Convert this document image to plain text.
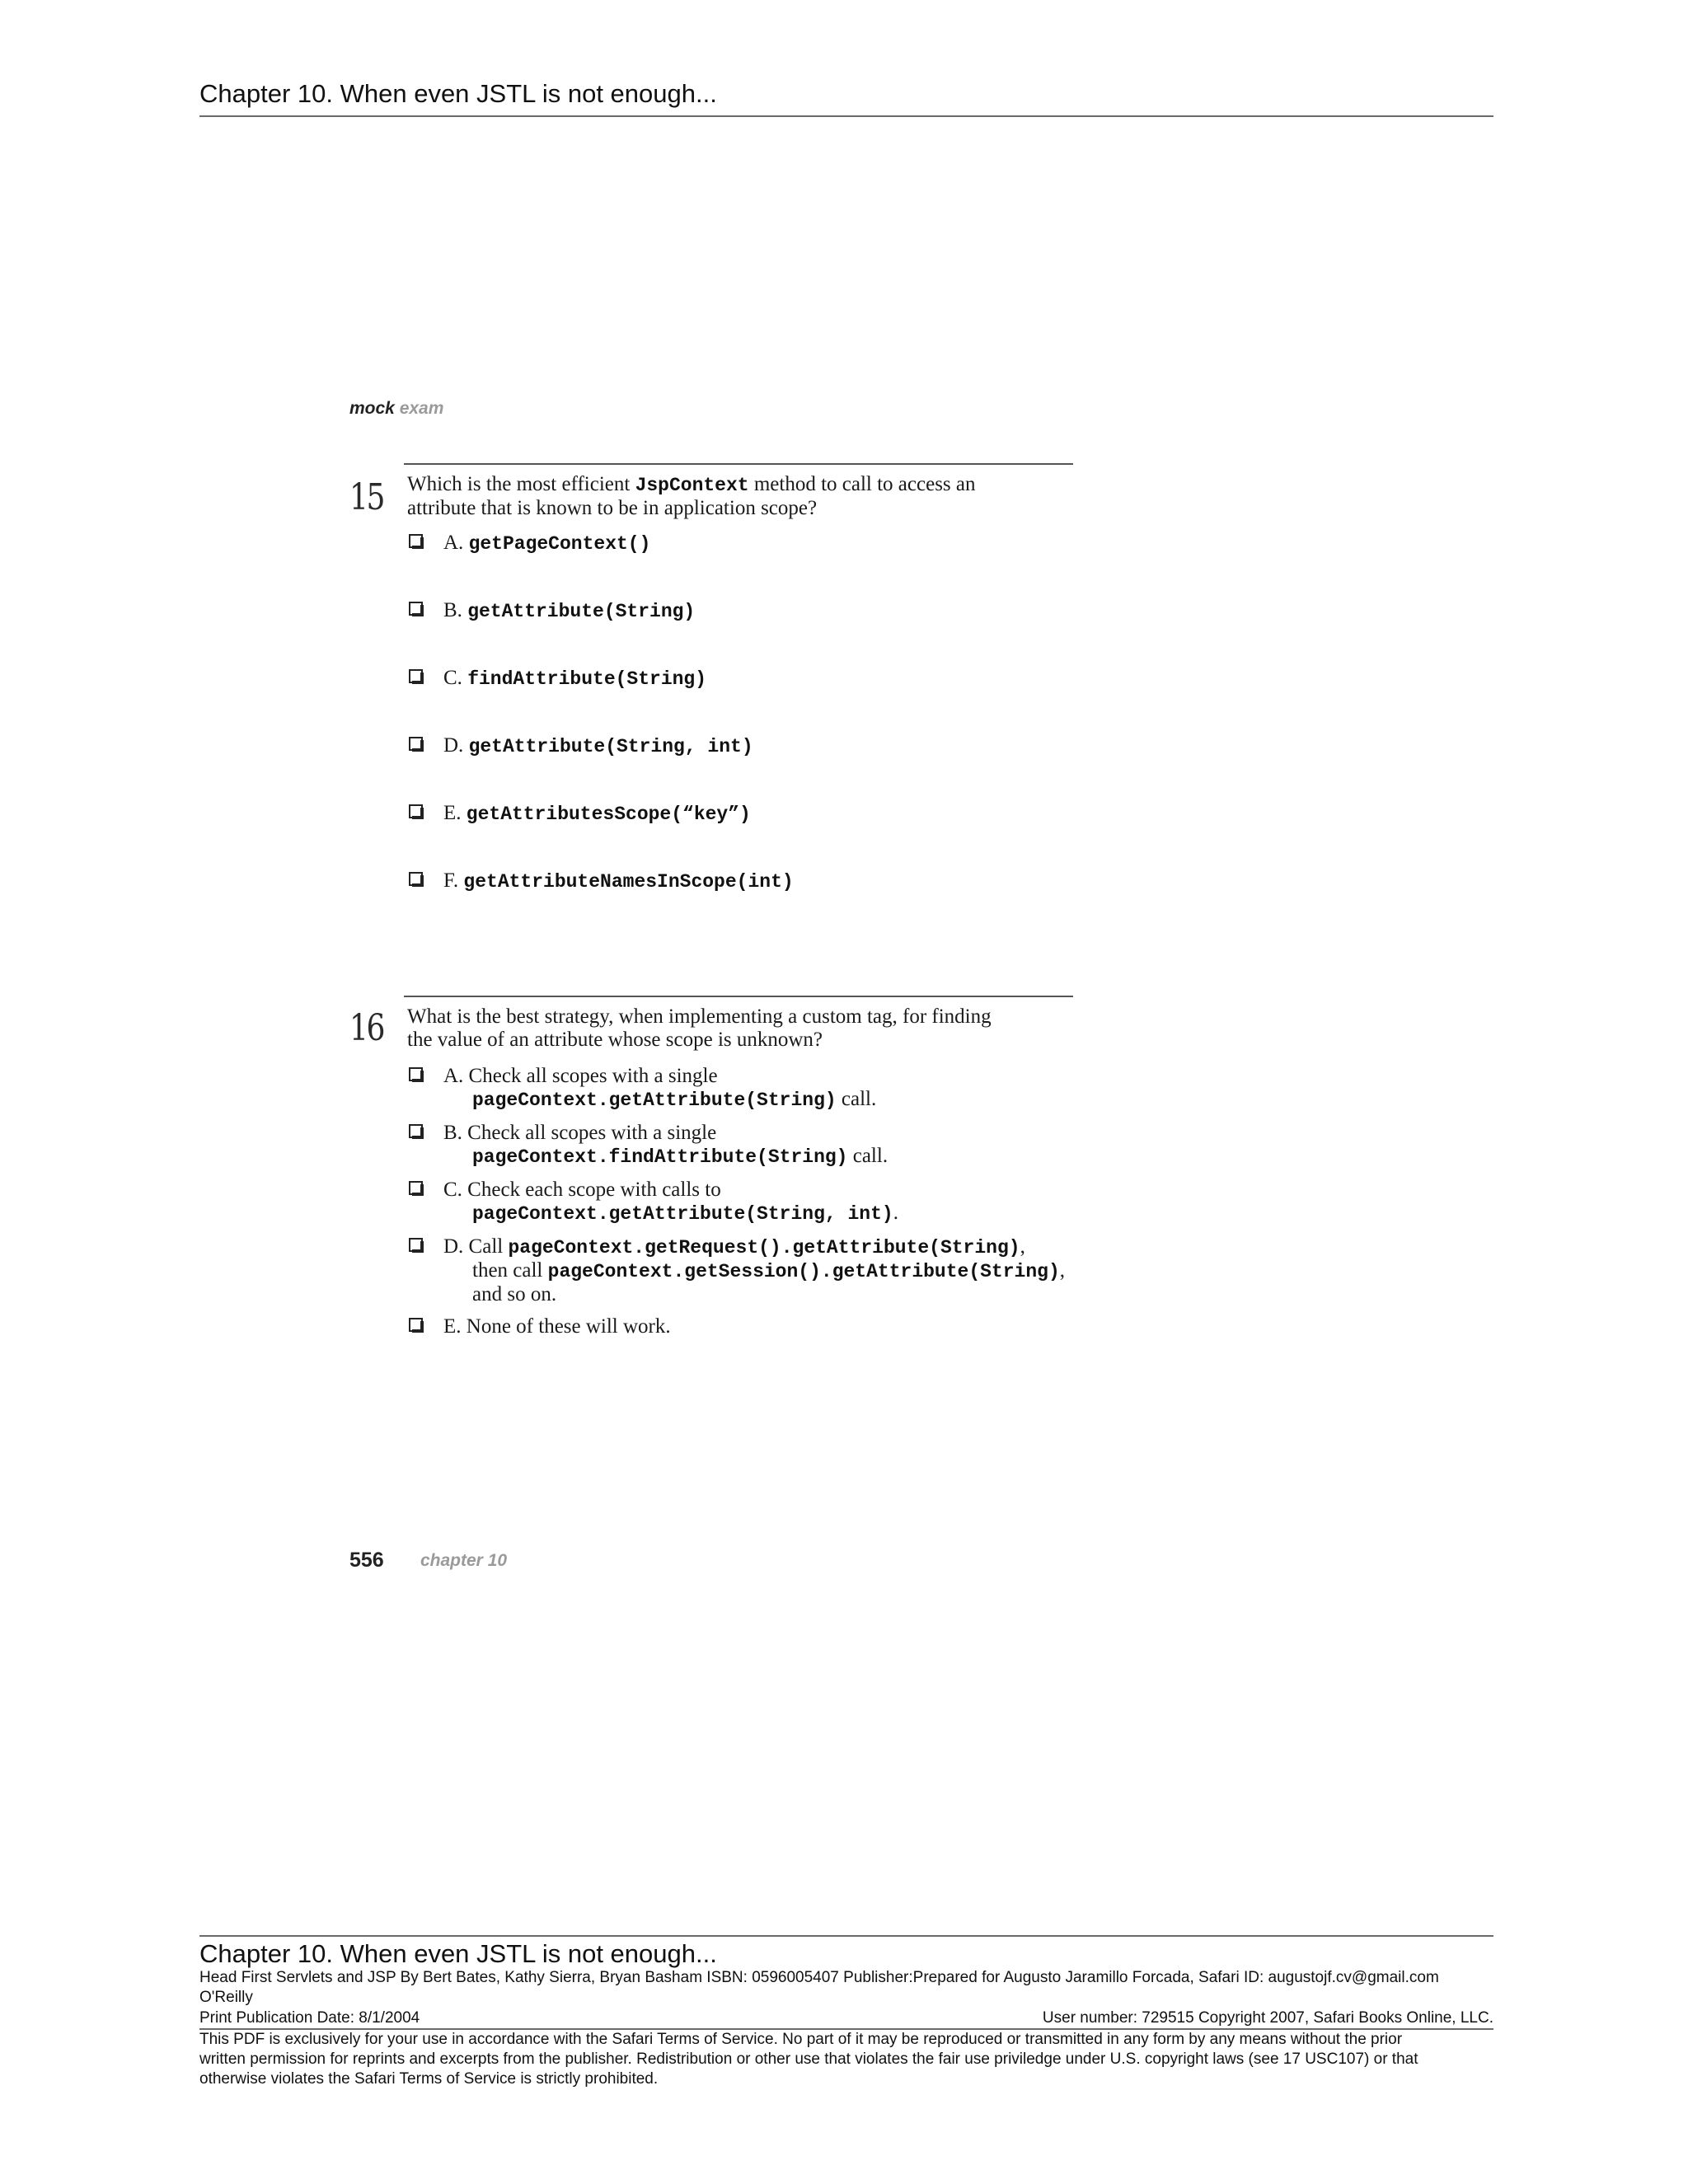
Chapter 10. When even JSTL is not enough...
mock exam
15 Which is the most efficient JspContext method to call to access an
attribute that is known to be in application scope?
A. getPageContext()
B. getAttribute(String)
C. findAttribute(String)
D. getAttribute(String, int)
E. getAttributesScope(“key”)
F. getAttributeNamesInScope(int)
16 What is the best strategy, when implementing a custom tag, for finding
the value of an attribute whose scope is unknown?
A. Check all scopes with a single
pageContext.getAttribute(String) call.
B. Check all scopes with a single
pageContext.findAttribute(String) call.
C. Check each scope with calls to
pageContext.getAttribute(String, int).
D. Call pageContext.getRequest().getAttribute(String),
then call pageContext.getSession().getAttribute(String),
and so on.
E. None of these will work.
556 chapter 10
Chapter 10. When even JSTL is not enough...
Head First Servlets and JSP By Bert Bates, Kathy Sierra, Bryan Basham ISBN: 0596005407 Publisher:Prepared for Augusto Jaramillo Forcada, Safari ID: augustojf.cv@gmail.com
O'Reilly
Print Publication Date: 8/1/2004	User number: 729515 Copyright 2007, Safari Books Online, LLC.
This PDF is exclusively for your use in accordance with the Safari Terms of Service. No part of it may be reproduced or transmitted in any form by any means without the prior
written permission for reprints and excerpts from the publisher. Redistribution or other use that violates the fair use priviledge under U.S. copyright laws (see 17 USC107) or that
otherwise violates the Safari Terms of Service is strictly prohibited.
